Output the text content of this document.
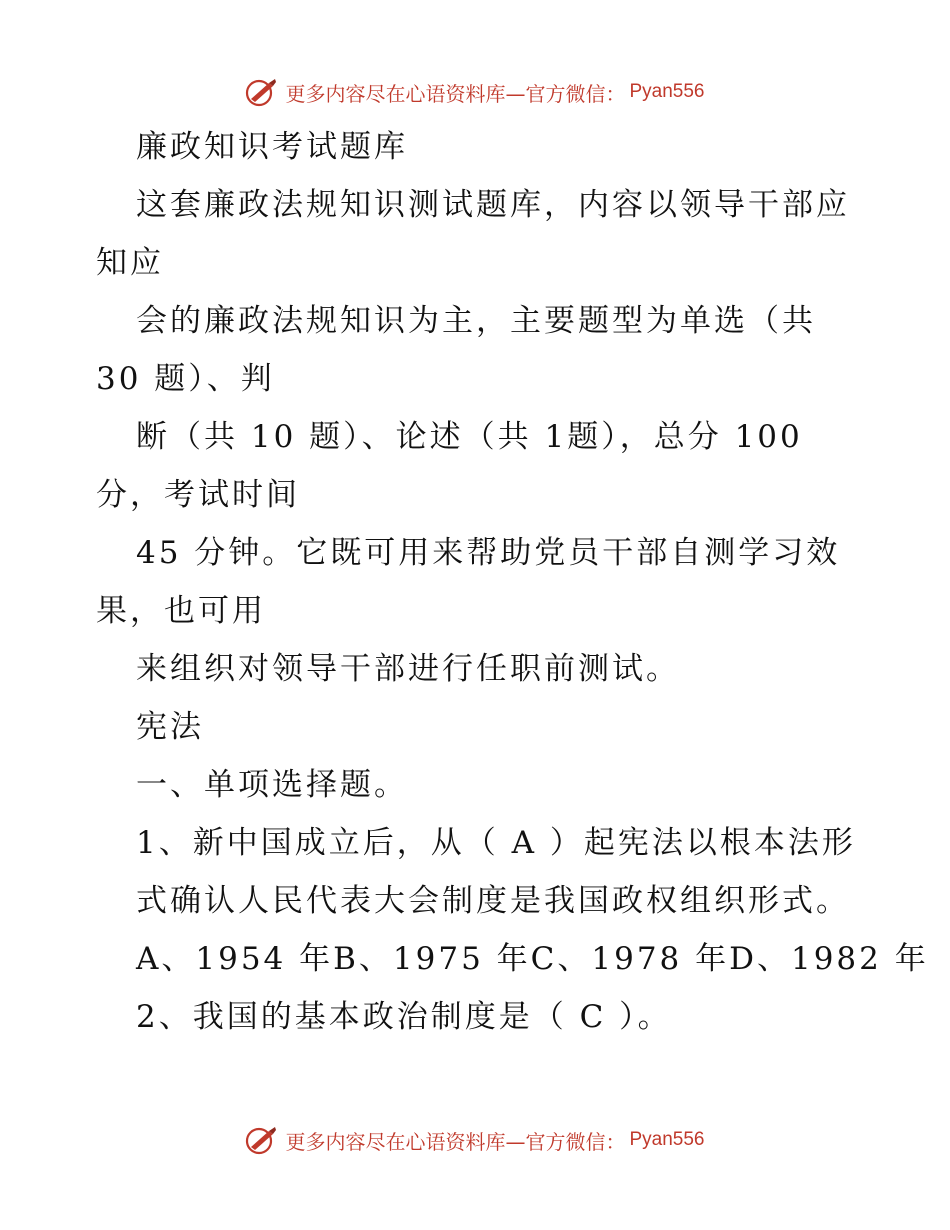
更多内容尽在心语资料库—官方微信： Pyan556
廉政知识考试题库
这套廉政法规知识测试题库，内容以领导干部应
知应
会的廉政法规知识为主，主要题型为单选（共
30 题）、判
断（共 10 题）、论述（共 1题），总分 100
分，考试时间
45 分钟。它既可用来帮助党员干部自测学习效
果，也可用
来组织对领导干部进行任职前测试。
宪法
一、单项选择题。
1、新中国成立后，从（ A ）起宪法以根本法形
式确认人民代表大会制度是我国政权组织形式。
A、1954 年B、1975 年C、1978 年D、1982 年
2、我国的基本政治制度是（ C ）。
更多内容尽在心语资料库—官方微信： Pyan556
